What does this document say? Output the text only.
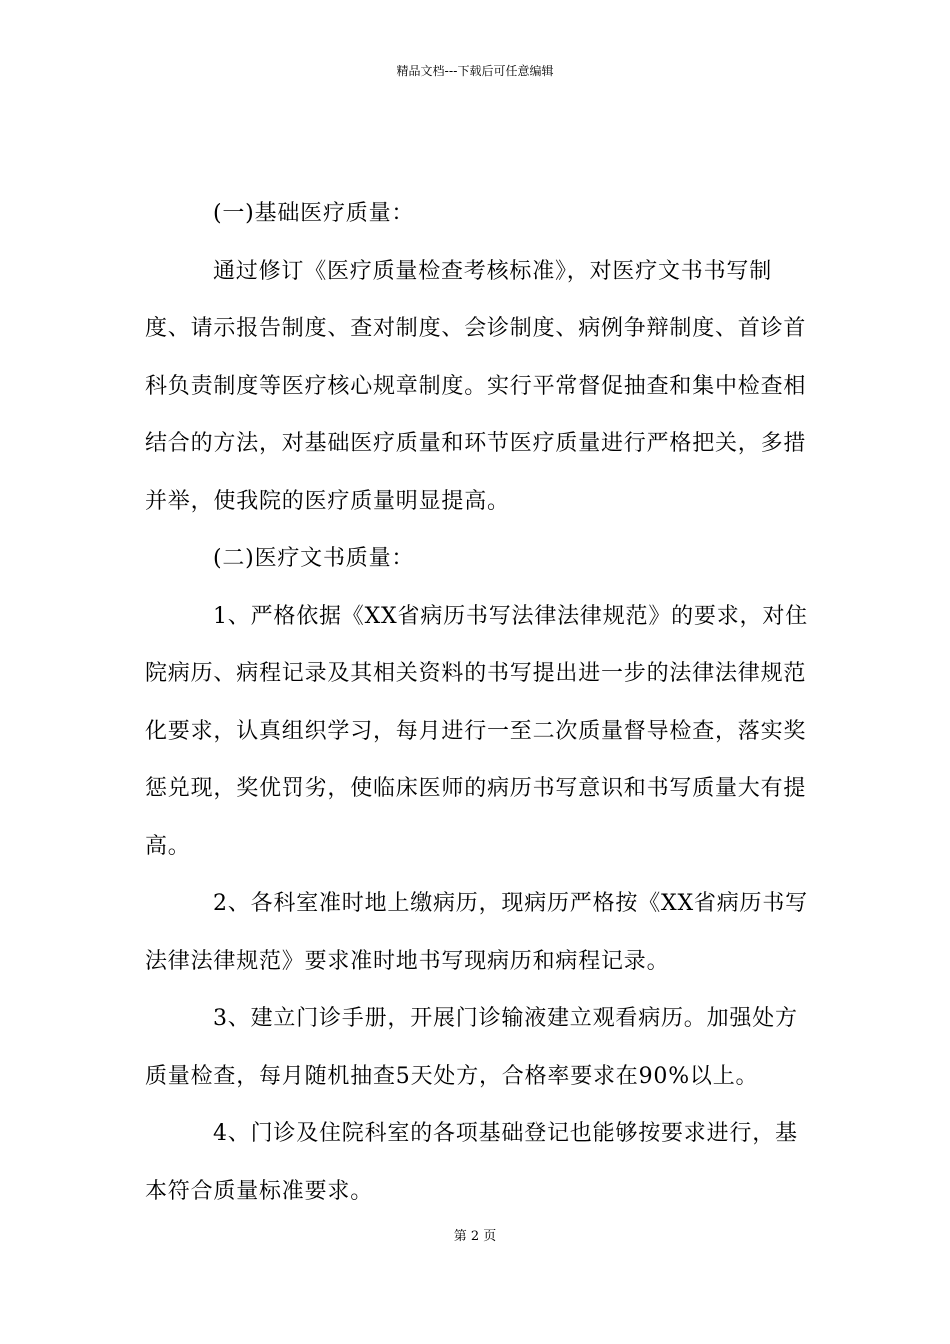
精品文档---下载后可任意编辑

(一)基础医疗质量：

通过修订《医疗质量检查考核标准》，对医疗文书书写制度、请示报告制度、查对制度、会诊制度、病例争辩制度、首诊首科负责制度等医疗核心规章制度。实行平常督促抽查和集中检查相结合的方法，对基础医疗质量和环节医疗质量进行严格把关，多措并举，使我院的医疗质量明显提高。

(二)医疗文书质量：

1、严格依据《XX省病历书写法律法律规范》的要求，对住院病历、病程记录及其相关资料的书写提出进一步的法律法律规范化要求，认真组织学习，每月进行一至二次质量督导检查，落实奖惩兑现，奖优罚劣，使临床医师的病历书写意识和书写质量大有提高。

2、各科室准时地上缴病历，现病历严格按《XX省病历书写法律法律规范》要求准时地书写现病历和病程记录。

3、建立门诊手册，开展门诊输液建立观看病历。加强处方质量检查，每月随机抽查5天处方，合格率要求在90%以上。

4、门诊及住院科室的各项基础登记也能够按要求进行，基本符合质量标准要求。

第 2 页
